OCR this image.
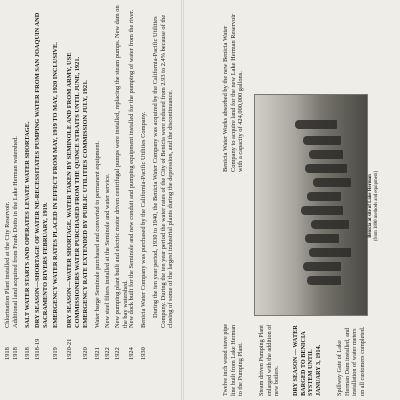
1918
Chlorination Plant installed at the City Reservoir.
1918
Additional land acquired from Frank Dotto in the Lake Herman watershed.
1918
SALT WATER STARTS AND OPERATES LEVATE WATER SHORTAGE.
1918-19
DRY SEASON—SHORTAGE OF WATER NE-RECESSITATES PUMPING WATER FROM SAN JOAQUIN AND SACRAMENTO RIVERS FEBRUARY, 1919.
1919
EMERGENCY WATER RATES PLACED IN EFFECT FROM MAY, 1919 TO MAY, 1920 INCLUSIVE.
1920-21
DRY SEASON—WATER SHORTAGE. WATER TAKEN BY SEMINOLE AND FROM ARMY, USE COMMISSIONERS WATER PURCHASED FROM THE QUINCE STRAITS UNTIL JUNE, 1921.
1920
EMERGENCY RATE EXTENDED BY PUBLIC UTILITIES COMMISSION JULY, 1921.
1921
Water barge Seminole purchased and converted to permanent equipment.
1922
New steel filters installed at the Seminole and water service.
1922
New pumping plant built and electric motor driven centrifugal pumps were installed, replacing the steam pumps. New dam on the bay watershed.
1924
New dock built for the Seminole and new conduit and pumping equipment installed for the pumping of water from the river.
1930
Benicia Water Company was purchased by the California-Pacific Utilities Company. During the ten year period, 1930 to 1940, the Benicia Water Company was acquired by the California-Pacific Utilities Company. During the ten year period the water rates of the City of Benicia were reduced from 2.93 to 2.4% because of the closing of some of the largest industrial plants during the depression, and the discontinuance.	Benicia Water Works absorbed by the new Benicia Water Company to acquire land for the new Lake Herman Reservoir with a capacity of 424,000,000 gallons.
Benicia at site of Lake Herman (from 1890 methods and equipment)
Twelve inch wood stave pipe line built from Lake Herman to the Pumping Plant. Steam driven Pumping Plant enlarged with the addition of new boilers. DRY SEASON — WATER BARGED TO BENICIA SYSTEM UNTIL JANUARY 3, 1914. Spillway Gate of Lake Herman Dam installed, and installation of water meters on all customers completed.
